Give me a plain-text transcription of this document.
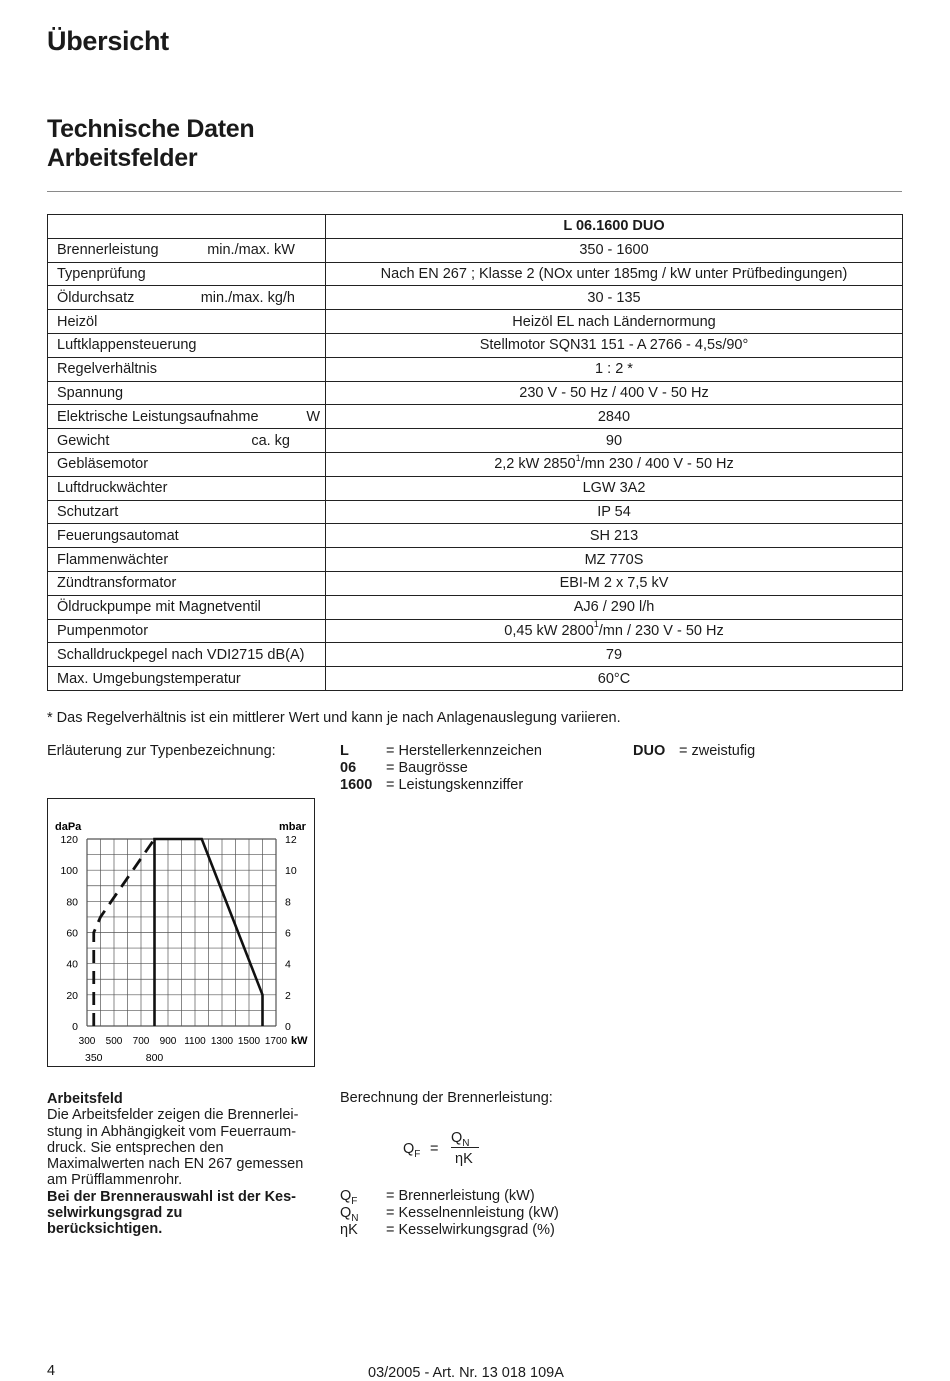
Übersicht
Technische Daten
Arbeitsfelder
	L 06.1600 DUO

Brennerleistung min./max. kW	350 - 1600
Typenprüfung	Nach EN 267 ; Klasse 2 (NOx unter 185mg / kW unter Prüfbedingungen)

Öldurchsatz min./max. kg/h	30 - 135
Heizöl	Heizöl EL nach Ländernormung
Luftklappensteuerung	Stellmotor SQN31 151 - A 2766 - 4,5s/90°
Regelverhältnis	1 : 2 *
Spannung	230 V - 50 Hz / 400 V - 50 Hz

Elektrische Leistungsaufnahme W	2840

Gewicht ca. kg	90
Gebläsemotor	2,2 kW 2850$^1$/mn 230 / 400 V - 50 Hz
Luftdruckwächter	LGW 3A2
Schutzart	IP 54
Feuerungsautomat	SH 213
Flammenwächter	MZ 770S
Zündtransformator	EBI-M 2 x 7,5 kV
Öldruckpumpe mit Magnetventil	AJ6 / 290 l/h
Pumpenmotor	0,45 kW 2800$^1$/mn / 230 V - 50 Hz
Schalldruckpegel nach VDI2715 dB(A)	79
Max. Umgebungstemperatur	60°C
* Das Regelverhältnis ist ein mittlerer Wert und kann je nach Anlagenauslegung variieren.
Erläuterung zur Typenbezeichnung:	L	= Herstellerkennzeichen
06 = Baugrösse
1600 = Leistungskennziffer
DUO = zweistufig
daPa	mbar
kW
0
20
40
60
80
100
120
0
2
4
6
8
10
12
300 500 700 900 1100 1300 1500 1700
350	800
Arbeitsfeld
Die Arbeitsfelder zeigen die Brennerlei-
stung in Abhängigkeit vom Feuerraum-
druck. Sie entsprechen den
Maximalwerten nach EN 267 gemessen
am Prüfflammenrohr.
Bei der Brennerauswahl ist der Kes-
selwirkungsgrad zu
berücksichtigen.
Berechnung der Brennerleistung:
$Q_F$ =
$Q_N$
ηK
$Q_F$ = Brennerleistung (kW)
$Q_N$ = Kesselnennleistung (kW)
ηK = Kesselwirkungsgrad (%)
4	03/2005 - Art. Nr. 13 018 109A
